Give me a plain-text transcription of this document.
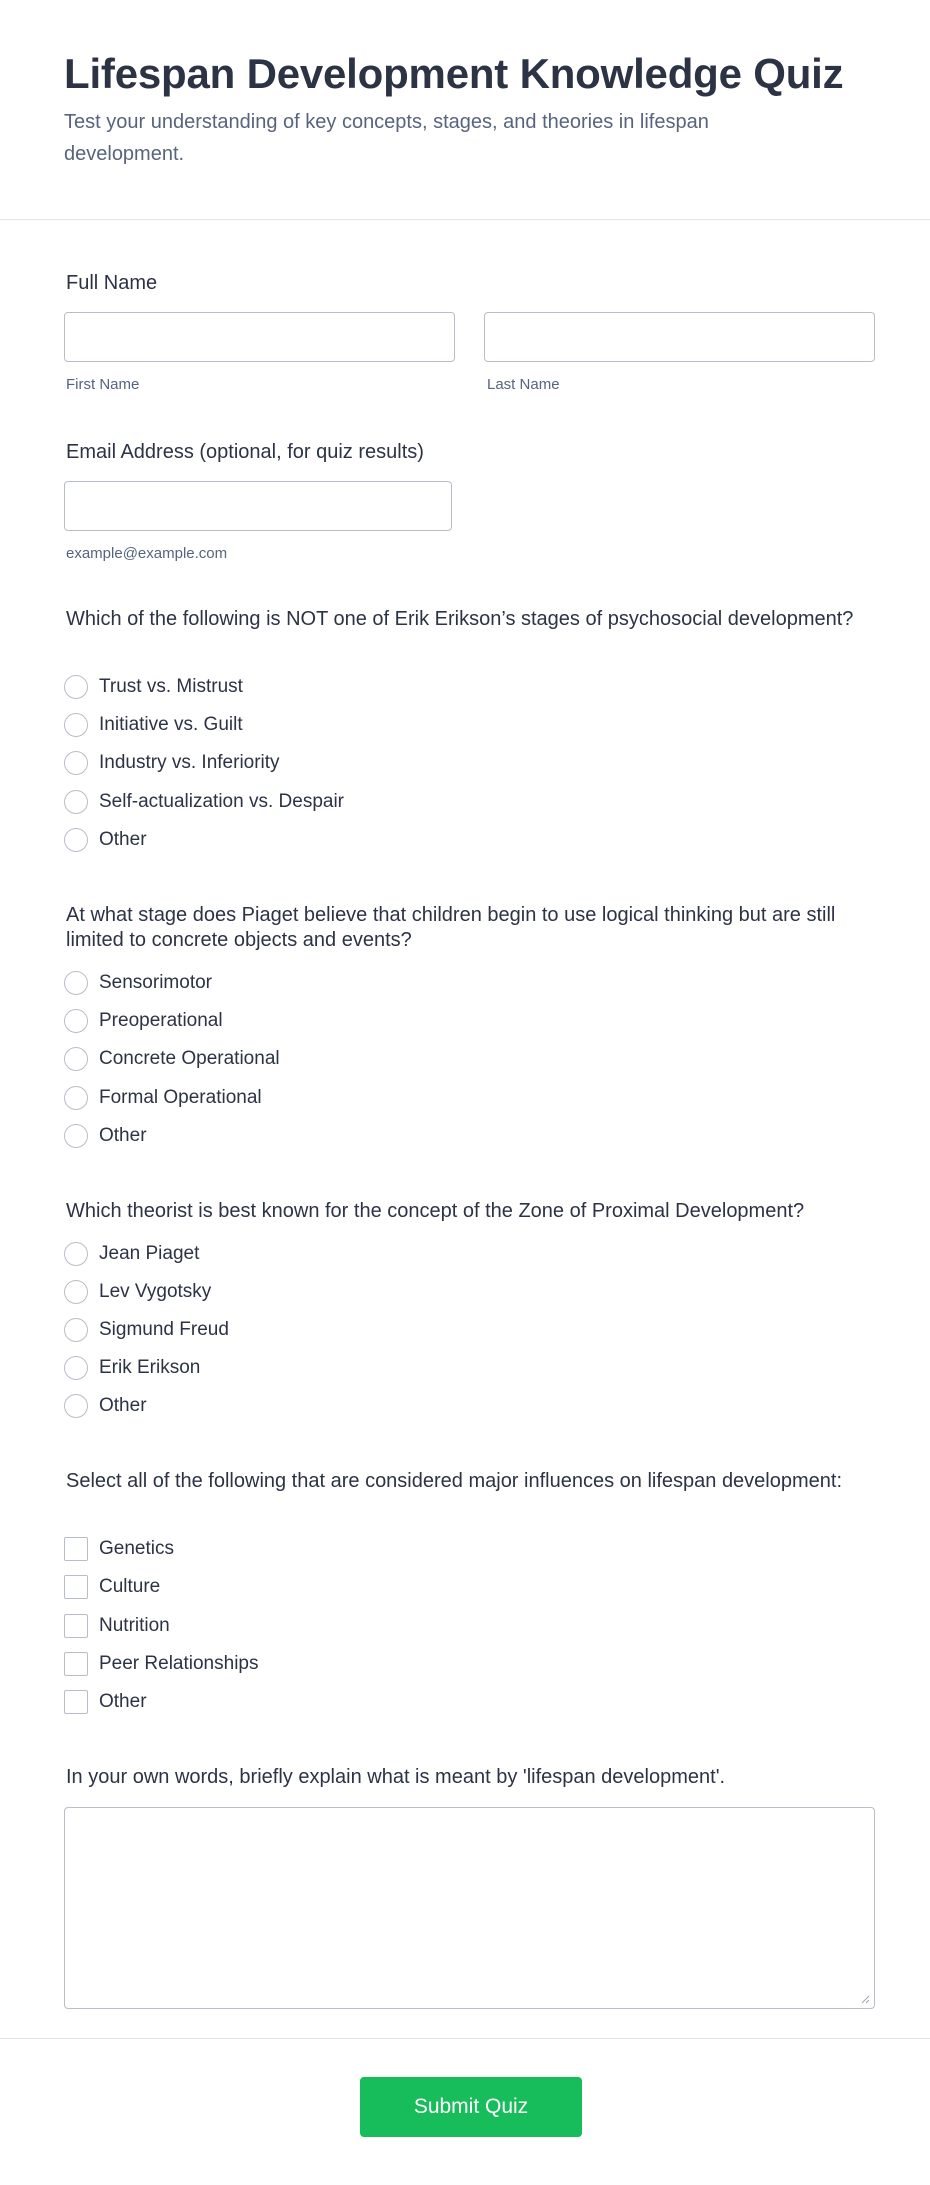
Lifespan Development Knowledge Quiz
Test your understanding of key concepts, stages, and theories in lifespan development.
Full Name
First Name	Last Name
Email Address (optional, for quiz results)
example@example.com
Which of the following is NOT one of Erik Erikson’s stages of psychosocial development?
Trust vs. Mistrust
Initiative vs. Guilt
Industry vs. Inferiority
Self-actualization vs. Despair
Other
At what stage does Piaget believe that children begin to use logical thinking but are still limited to concrete objects and events?
Sensorimotor
Preoperational
Concrete Operational
Formal Operational
Other
Which theorist is best known for the concept of the Zone of Proximal Development?
Jean Piaget
Lev Vygotsky
Sigmund Freud
Erik Erikson
Other
Select all of the following that are considered major influences on lifespan development:
Genetics
Culture
Nutrition
Peer Relationships
Other
In your own words, briefly explain what is meant by 'lifespan development'.
Submit Quiz
